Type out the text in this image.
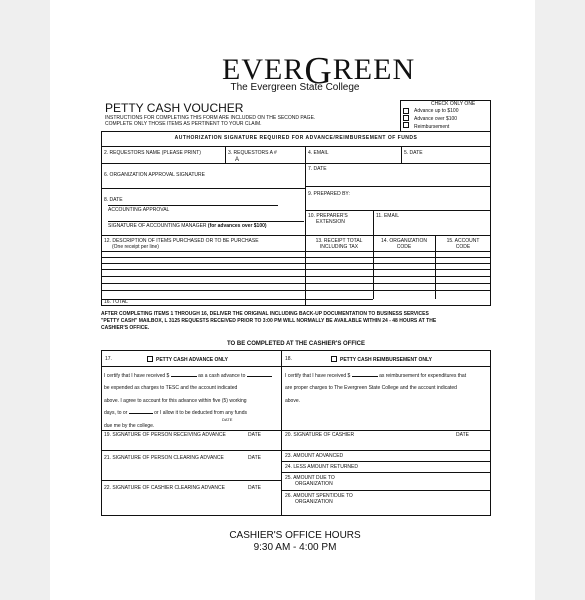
EVERGREEN
The Evergreen State College
PETTY CASH VOUCHER
INSTRUCTIONS FOR COMPLETING THIS FORM ARE INCLUDED ON THE SECOND PAGE.
COMPLETE ONLY THOSE ITEMS AS PERTINENT TO YOUR CLAIM.
CHECK ONLY ONE
Advance up to $100
Advance over $100
Reimbursement
AUTHORIZATION SIGNATURE REQUIRED FOR ADVANCE/REIMBURSEMENT OF FUNDS
2. REQUESTORS NAME (PLEASE PRINT)	3. REQUESTORS A #
A
4. EMAIL	5. DATE
6. ORGANIZATION APPROVAL SIGNATURE
7. DATE
8. DATE
9. PREPARED BY:
ACCOUNTING APPROVAL
SIGNATURE OF ACCOUNTING MANAGER (for advances over $100)
10. PREPARER'S
EXTENSION
11. EMAIL
12. DESCRIPTION OF ITEMS PURCHASED OR TO BE PURCHASE
(One receipt per line)
13. RECEIPT TOTAL
INCLUDING TAX
14. ORGANIZATION
CODE
15. ACCOUNT
CODE
16. TOTAL
AFTER COMPLETING ITEMS 1 THROUGH 16, DELIVER THE ORIGINAL INCLUDING BACK-UP DOCUMENTATION TO BUSINESS SERVICES
"PETTY CASH" MAILBOX, L 3125 REQUESTS RECEIVED PRIOR TO 3:00 PM WILL NORMALLY BE AVAILABLE WITHIN 24 - 48 HOURS AT THE
CASHIER'S OFFICE.
TO BE COMPLETED AT THE CASHIER'S OFFICE
17.	PETTY CASH ADVANCE ONLY
I certify that I have received $	as a cash advance to
be expended as charges to TESC and the account indicated
above. I agree to account for this advance within five (5) working
days, to or	or I allow it to be deducted from any funds
DATE
due me by the college.
19. SIGNATURE OF PERSON RECEIVING ADVANCE	DATE
21. SIGNATURE OF PERSON CLEARING ADVANCE	DATE
22. SIGNATURE OF CASHIER CLEARING ADVANCE	DATE
18.	PETTY CASH REIMBURSEMENT ONLY
I certify that I have received $	as reimbursement for expenditures that
are proper charges to The Evergreen State College and the account indicated
above.
20. SIGNATURE OF CASHIER	DATE
23. AMOUNT ADVANCED
24. LESS AMOUNT RETURNED
25. AMOUNT DUE TO
ORGANIZATION
26. AMOUNT SPENT/DUE TO
ORGANIZATION
CASHIER'S OFFICE HOURS
9:30 AM - 4:00 PM
